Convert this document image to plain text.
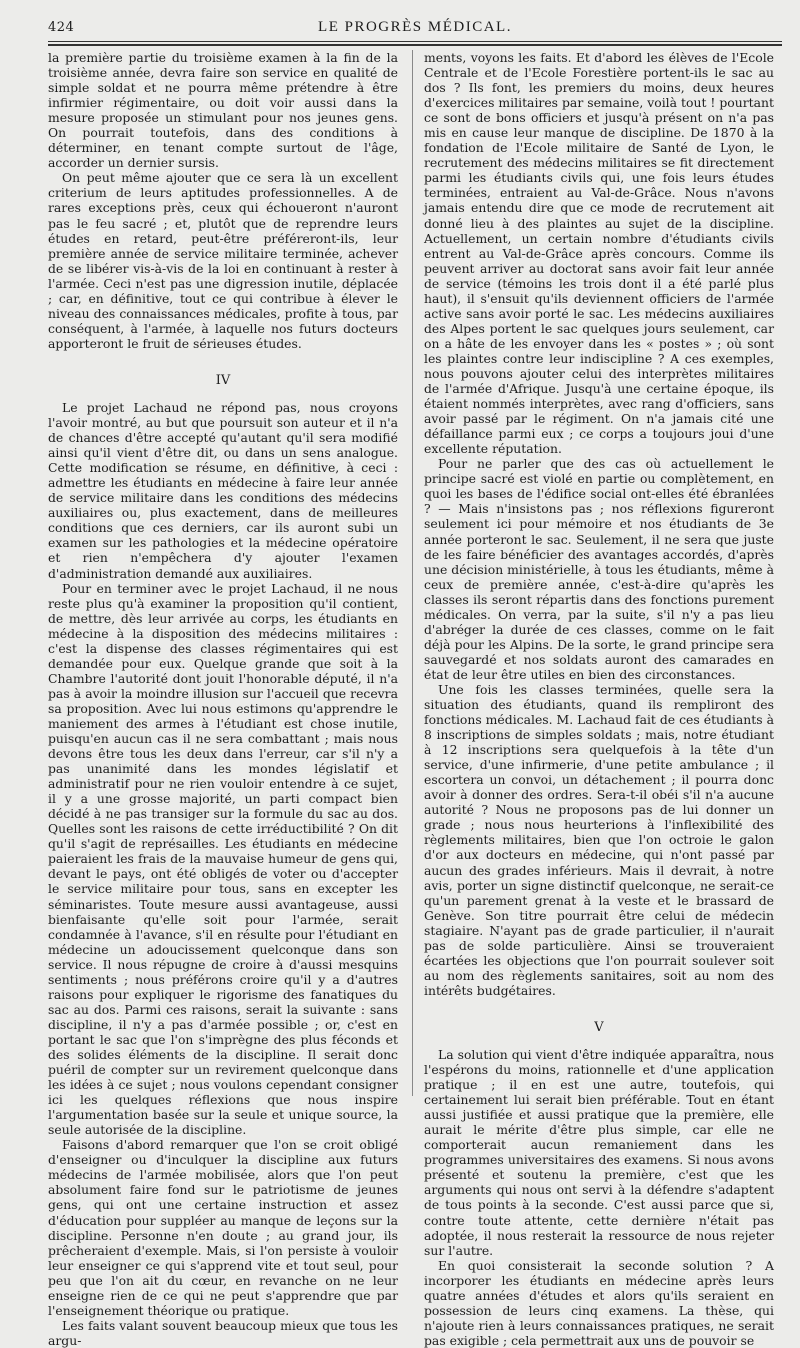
424	LE PROGRÈS MÉDICAL.

la première partie du troisième examen à la fin de la troisième année, devra faire son service en qualité de simple soldat et ne pourra même prétendre à être infirmier régimentaire, ou doit voir aussi dans la mesure proposée un stimulant pour nos jeunes gens. On pourrait toutefois, dans des conditions à déterminer, en tenant compte surtout de l'âge, accorder un dernier sursis.

On peut même ajouter que ce sera là un excellent criterium de leurs aptitudes professionnelles. A de rares exceptions près, ceux qui échoueront n'auront pas le feu sacré ; et, plutôt que de reprendre leurs études en retard, peut-être préféreront-ils, leur première année de service militaire terminée, achever de se libérer vis-à-vis de la loi en continuant à rester à l'armée. Ceci n'est pas une digression inutile, déplacée ; car, en définitive, tout ce qui contribue à élever le niveau des connaissances médicales, profite à tous, par conséquent, à l'armée, à laquelle nos futurs docteurs apporteront le fruit de sérieuses études.

IV

Le projet Lachaud ne répond pas, nous croyons l'avoir montré, au but que poursuit son auteur et il n'a de chances d'être accepté qu'autant qu'il sera modifié ainsi qu'il vient d'être dit, ou dans un sens analogue. Cette modification se résume, en définitive, à ceci : admettre les étudiants en médecine à faire leur année de service militaire dans les conditions des médecins auxiliaires ou, plus exactement, dans de meilleures conditions que ces derniers, car ils auront subi un examen sur les pathologies et la médecine opératoire et rien n'empêchera d'y ajouter l'examen d'administration demandé aux auxiliaires.

Pour en terminer avec le projet Lachaud, il ne nous reste plus qu'à examiner la proposition qu'il contient, de mettre, dès leur arrivée au corps, les étudiants en médecine à la disposition des médecins militaires : c'est la dispense des classes régimentaires qui est demandée pour eux. Quelque grande que soit à la Chambre l'autorité dont jouit l'honorable député, il n'a pas à avoir la moindre illusion sur l'accueil que recevra sa proposition. Avec lui nous estimons qu'apprendre le maniement des armes à l'étudiant est chose inutile, puisqu'en aucun cas il ne sera combattant ; mais nous devons être tous les deux dans l'erreur, car s'il n'y a pas unanimité dans les mondes législatif et administratif pour ne rien vouloir entendre à ce sujet, il y a une grosse majorité, un parti compact bien décidé à ne pas transiger sur la formule du sac au dos. Quelles sont les raisons de cette irréductibilité ? On dit qu'il s'agit de représailles. Les étudiants en médecine paieraient les frais de la mauvaise humeur de gens qui, devant le pays, ont été obligés de voter ou d'accepter le service militaire pour tous, sans en excepter les séminaristes. Toute mesure aussi avantageuse, aussi bienfaisante qu'elle soit pour l'armée, serait condamnée à l'avance, s'il en résulte pour l'étudiant en médecine un adoucissement quelconque dans son service. Il nous répugne de croire à d'aussi mesquins sentiments ; nous préférons croire qu'il y a d'autres raisons pour expliquer le rigorisme des fanatiques du sac au dos. Parmi ces raisons, serait la suivante : sans discipline, il n'y a pas d'armée possible ; or, c'est en portant le sac que l'on s'imprègne des plus féconds et des solides éléments de la discipline. Il serait donc puéril de compter sur un revirement quelconque dans les idées à ce sujet ; nous voulons cependant consigner ici les quelques réflexions que nous inspire l'argumentation basée sur la seule et unique source, la seule autorisée de la discipline.

Faisons d'abord remarquer que l'on se croit obligé d'enseigner ou d'inculquer la discipline aux futurs médecins de l'armée mobilisée, alors que l'on peut absolument faire fond sur le patriotisme de jeunes gens, qui ont une certaine instruction et assez d'éducation pour suppléer au manque de leçons sur la discipline. Personne n'en doute ; au grand jour, ils prêcheraient d'exemple. Mais, si l'on persiste à vouloir leur enseigner ce qui s'apprend vite et tout seul, pour peu que l'on ait du cœur, en revanche on ne leur enseigne rien de ce qui ne peut s'apprendre que par l'enseignement théorique ou pratique.

Les faits valant souvent beaucoup mieux que tous les argu-

ments, voyons les faits. Et d'abord les élèves de l'Ecole Centrale et de l'Ecole Forestière portent-ils le sac au dos ? Ils font, les premiers du moins, deux heures d'exercices militaires par semaine, voilà tout ! pourtant ce sont de bons officiers et jusqu'à présent on n'a pas mis en cause leur manque de discipline. De 1870 à la fondation de l'Ecole militaire de Santé de Lyon, le recrutement des médecins militaires se fit directement parmi les étudiants civils qui, une fois leurs études terminées, entraient au Val-de-Grâce. Nous n'avons jamais entendu dire que ce mode de recrutement ait donné lieu à des plaintes au sujet de la discipline. Actuellement, un certain nombre d'étudiants civils entrent au Val-de-Grâce après concours. Comme ils peuvent arriver au doctorat sans avoir fait leur année de service (témoins les trois dont il a été parlé plus haut), il s'ensuit qu'ils deviennent officiers de l'armée active sans avoir porté le sac. Les médecins auxiliaires des Alpes portent le sac quelques jours seulement, car on a hâte de les envoyer dans les « postes » ; où sont les plaintes contre leur indiscipline ? A ces exemples, nous pouvons ajouter celui des interprètes militaires de l'armée d'Afrique. Jusqu'à une certaine époque, ils étaient nommés interprètes, avec rang d'officiers, sans avoir passé par le régiment. On n'a jamais cité une défaillance parmi eux ; ce corps a toujours joui d'une excellente réputation.

Pour ne parler que des cas où actuellement le principe sacré est violé en partie ou complètement, en quoi les bases de l'édifice social ont-elles été ébranlées ? — Mais n'insistons pas ; nos réflexions figureront seulement ici pour mémoire et nos étudiants de 3e année porteront le sac. Seulement, il ne sera que juste de les faire bénéficier des avantages accordés, d'après une décision ministérielle, à tous les étudiants, même à ceux de première année, c'est-à-dire qu'après les classes ils seront répartis dans des fonctions purement médicales. On verra, par la suite, s'il n'y a pas lieu d'abréger la durée de ces classes, comme on le fait déjà pour les Alpins. De la sorte, le grand principe sera sauvegardé et nos soldats auront des camarades en état de leur être utiles en bien des circonstances.

Une fois les classes terminées, quelle sera la situation des étudiants, quand ils rempliront des fonctions médicales. M. Lachaud fait de ces étudiants à 8 inscriptions de simples soldats ; mais, notre étudiant à 12 inscriptions sera quelquefois à la tête d'un service, d'une infirmerie, d'une petite ambulance ; il escortera un convoi, un détachement ; il pourra donc avoir à donner des ordres. Sera-t-il obéi s'il n'a aucune autorité ? Nous ne proposons pas de lui donner un grade ; nous nous heurterions à l'inflexibilité des règlements militaires, bien que l'on octroie le galon d'or aux docteurs en médecine, qui n'ont passé par aucun des grades inférieurs. Mais il devrait, à notre avis, porter un signe distinctif quelconque, ne serait-ce qu'un parement grenat à la veste et le brassard de Genève. Son titre pourrait être celui de médecin stagiaire. N'ayant pas de grade particulier, il n'aurait pas de solde particulière. Ainsi se trouveraient écartées les objections que l'on pourrait soulever soit au nom des règlements sanitaires, soit au nom des intérêts budgétaires.

V

La solution qui vient d'être indiquée apparaîtra, nous l'espérons du moins, rationnelle et d'une application pratique ; il en est une autre, toutefois, qui certainement lui serait bien préférable. Tout en étant aussi justifiée et aussi pratique que la première, elle aurait le mérite d'être plus simple, car elle ne comporterait aucun remaniement dans les programmes universitaires des examens. Si nous avons présenté et soutenu la première, c'est que les arguments qui nous ont servi à la défendre s'adaptent de tous points à la seconde. C'est aussi parce que si, contre toute attente, cette dernière n'était pas adoptée, il nous resterait la ressource de nous rejeter sur l'autre.

En quoi consisterait la seconde solution ? A incorporer les étudiants en médecine après leurs quatre années d'études et alors qu'ils seraient en possession de leurs cinq examens. La thèse, qui n'ajoute rien à leurs connaissances pratiques, ne serait pas exigible ; cela permettrait aux uns de pouvoir se
